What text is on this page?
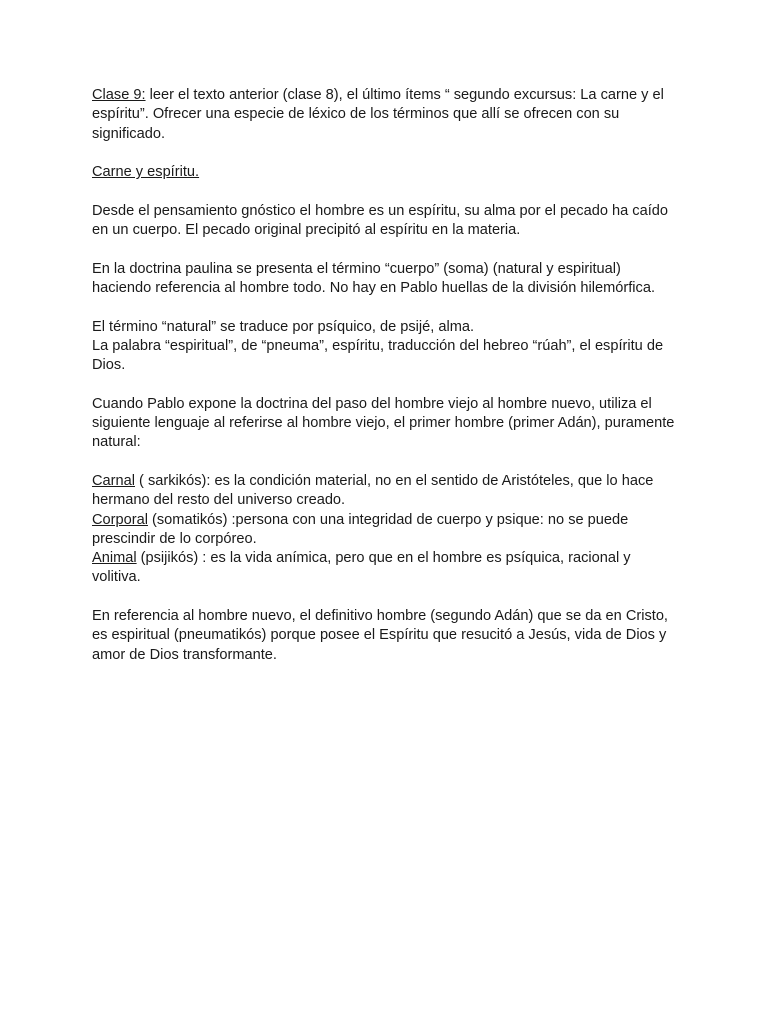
Clase 9: leer el texto anterior (clase 8), el último ítems “ segundo excursus: La carne y el espíritu”. Ofrecer una especie de léxico de los términos que allí se ofrecen con su significado.

Carne y espíritu.

Desde el pensamiento gnóstico el hombre es un espíritu, su alma por el pecado ha caído en un cuerpo. El pecado original precipitó al espíritu en la materia.

En la doctrina paulina se presenta el término “cuerpo” (soma) (natural y espiritual) haciendo referencia al hombre todo. No hay en Pablo huellas de la división hilemórfica.

El término “natural” se traduce por psíquico, de psijé, alma.
La palabra “espiritual”, de “pneuma”, espíritu, traducción del hebreo “rúah”, el espíritu de Dios.

Cuando Pablo expone la doctrina del paso del hombre viejo al hombre nuevo, utiliza el siguiente lenguaje al referirse al hombre viejo, el primer hombre (primer Adán), puramente natural:

Carnal ( sarkikós): es la condición material, no en el sentido de Aristóteles, que lo hace hermano del resto del universo creado.
Corporal (somatikós) :persona con una integridad de cuerpo y psique: no se puede prescindir de lo corpóreo.
Animal (psijikós) : es la vida anímica, pero que en el hombre es psíquica, racional y volitiva.

En referencia al hombre nuevo, el definitivo hombre (segundo Adán) que se da en Cristo, es espiritual (pneumatikós) porque posee el Espíritu que resucitó a Jesús, vida de Dios y amor de Dios transformante.
